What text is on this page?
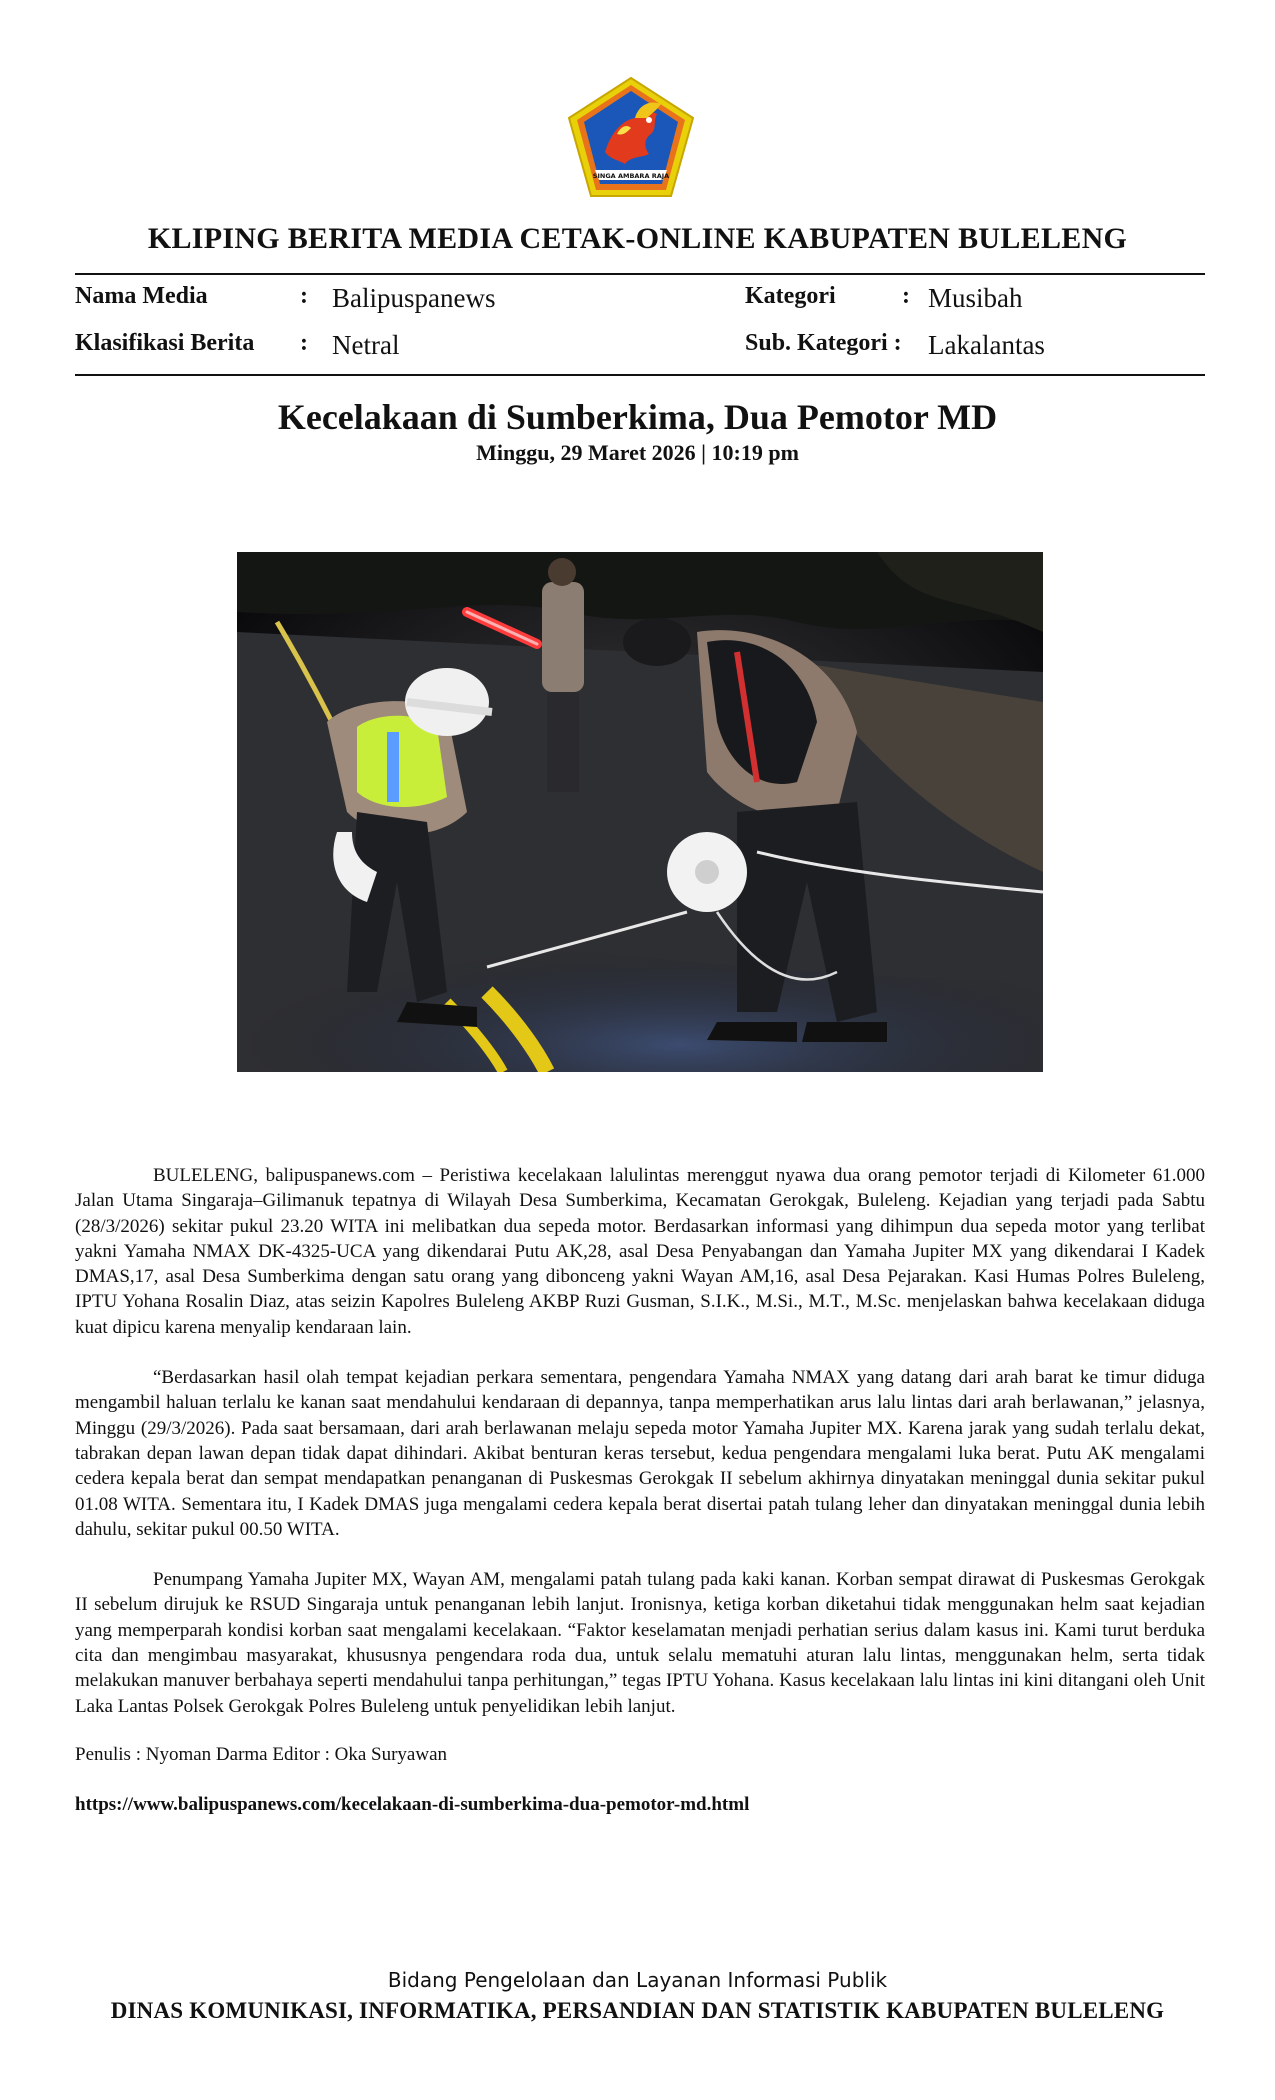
SINGA AMBARA RAJA
KLIPING BERITA MEDIA CETAK-ONLINE KABUPATEN BULELENG
Nama Media	: Balipuspanews
Klasifikasi Berita : Netral
Kategori	: Musibah
Sub. Kategori : Lakalantas
Kecelakaan di Sumberkima, Dua Pemotor MD
Minggu, 29 Maret 2026 | 10:19 pm

BULELENG, balipuspanews.com – Peristiwa kecelakaan lalulintas merenggut nyawa dua orang pemotor terjadi di Kilometer 61.000 Jalan Utama Singaraja–Gilimanuk tepatnya di Wilayah Desa Sumberkima, Kecamatan Gerokgak, Buleleng. Kejadian yang terjadi pada Sabtu (28/3/2026) sekitar pukul 23.20 WITA ini melibatkan dua sepeda motor. Berdasarkan informasi yang dihimpun dua sepeda motor yang terlibat yakni Yamaha NMAX DK-4325-UCA yang dikendarai Putu AK,28, asal Desa Penyabangan dan Yamaha Jupiter MX yang dikendarai I Kadek DMAS,17, asal Desa Sumberkima dengan satu orang yang dibonceng yakni Wayan AM,16, asal Desa Pejarakan. Kasi Humas Polres Buleleng, IPTU Yohana Rosalin Diaz, atas seizin Kapolres Buleleng AKBP Ruzi Gusman, S.I.K., M.Si., M.T., M.Sc. menjelaskan bahwa kecelakaan diduga kuat dipicu karena menyalip kendaraan lain.

“Berdasarkan hasil olah tempat kejadian perkara sementara, pengendara Yamaha NMAX yang datang dari arah barat ke timur diduga mengambil haluan terlalu ke kanan saat mendahului kendaraan di depannya, tanpa memperhatikan arus lalu lintas dari arah berlawanan,” jelasnya, Minggu (29/3/2026). Pada saat bersamaan, dari arah berlawanan melaju sepeda motor Yamaha Jupiter MX. Karena jarak yang sudah terlalu dekat, tabrakan depan lawan depan tidak dapat dihindari. Akibat benturan keras tersebut, kedua pengendara mengalami luka berat. Putu AK mengalami cedera kepala berat dan sempat mendapatkan penanganan di Puskesmas Gerokgak II sebelum akhirnya dinyatakan meninggal dunia sekitar pukul 01.08 WITA. Sementara itu, I Kadek DMAS juga mengalami cedera kepala berat disertai patah tulang leher dan dinyatakan meninggal dunia lebih dahulu, sekitar pukul 00.50 WITA.

Penumpang Yamaha Jupiter MX, Wayan AM, mengalami patah tulang pada kaki kanan. Korban sempat dirawat di Puskesmas Gerokgak II sebelum dirujuk ke RSUD Singaraja untuk penanganan lebih lanjut. Ironisnya, ketiga korban diketahui tidak menggunakan helm saat kejadian yang memperparah kondisi korban saat mengalami kecelakaan. “Faktor keselamatan menjadi perhatian serius dalam kasus ini. Kami turut berduka cita dan mengimbau masyarakat, khususnya pengendara roda dua, untuk selalu mematuhi aturan lalu lintas, menggunakan helm, serta tidak melakukan manuver berbahaya seperti mendahului tanpa perhitungan,” tegas IPTU Yohana. Kasus kecelakaan lalu lintas ini kini ditangani oleh Unit Laka Lantas Polsek Gerokgak Polres Buleleng untuk penyelidikan lebih lanjut.

Penulis : Nyoman Darma Editor : Oka Suryawan
https://www.balipuspanews.com/kecelakaan-di-sumberkima-dua-pemotor-md.html
Bidang Pengelolaan dan Layanan Informasi Publik
DINAS KOMUNIKASI, INFORMATIKA, PERSANDIAN DAN STATISTIK KABUPATEN BULELENG
